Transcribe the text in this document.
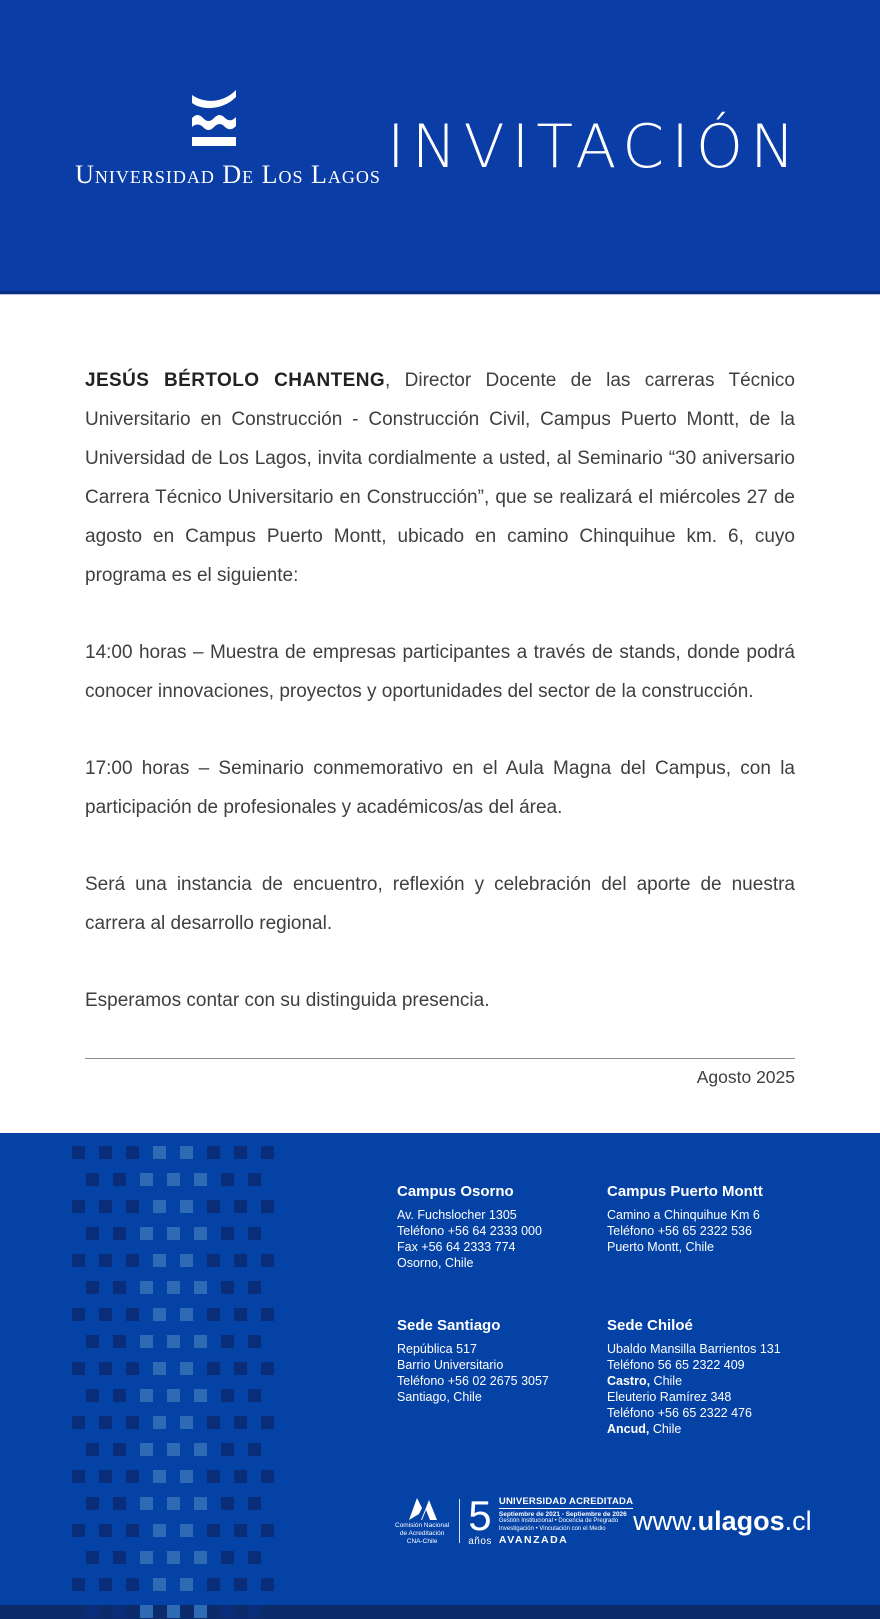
Universidad De Los Lagos INVITACIÓN

JESÚS BÉRTOLO CHANTENG, Director Docente de las carreras Técnico Universitario en Construcción - Construcción Civil, Campus Puerto Montt, de la Universidad de Los Lagos, invita cordialmente a usted, al Seminario “30 aniversario Carrera Técnico Universitario en Construcción”, que se realizará el miércoles 27 de agosto en Campus Puerto Montt, ubicado en camino Chinquihue km. 6, cuyo programa es el siguiente:

14:00 horas – Muestra de empresas participantes a través de stands, donde podrá conocer innovaciones, proyectos y oportunidades del sector de la construcción.

17:00 horas – Seminario conmemorativo en el Aula Magna del Campus, con la participación de profesionales y académicos/as del área.

Será una instancia de encuentro, reflexión y celebración del aporte de nuestra carrera al desarrollo regional.

Esperamos contar con su distinguida presencia.

Agosto 2025
Campus Osorno
Av. Fuchslocher 1305
Teléfono +56 64 2333 000
Fax +56 64 2333 774
Osorno, Chile
Campus Puerto Montt
Camino a Chinquihue Km 6
Teléfono +56 65 2322 536
Puerto Montt, Chile
Sede Santiago
República 517
Barrio Universitario
Teléfono +56 02 2675 3057
Santiago, Chile
Sede Chiloé
Ubaldo Mansilla Barrientos 131
Teléfono 56 65 2322 409
Castro, Chile
Eleuterio Ramírez 348
Teléfono +56 65 2322 476
Ancud, Chile
Comisión Nacional
de Acreditación
CNA-Chile
5
años
UNIVERSIDAD ACREDITADA
Septiembre de 2021 - Septiembre de 2026
Gestión Institucional • Docencia de Pregrado
Investigación • Vinculación con el Medio
AVANZADA
www.ulagos.cl
